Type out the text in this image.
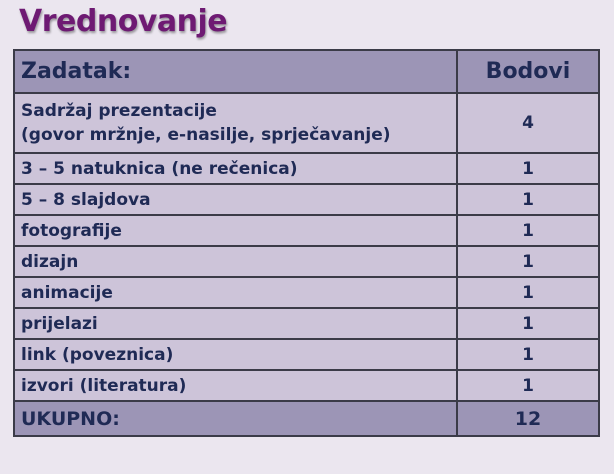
Vrednovanje
Zadatak:	Bodovi

Sadržaj prezentacije
(govor mržnje, e-nasilje, sprječavanje)	4
3 – 5 natuknica (ne rečenica)	1
5 – 8 slajdova	1
fotografije	1
dizajn	1
animacije	1
prijelazi	1
link (poveznica)	1
izvori (literatura)	1
UKUPNO:	12
